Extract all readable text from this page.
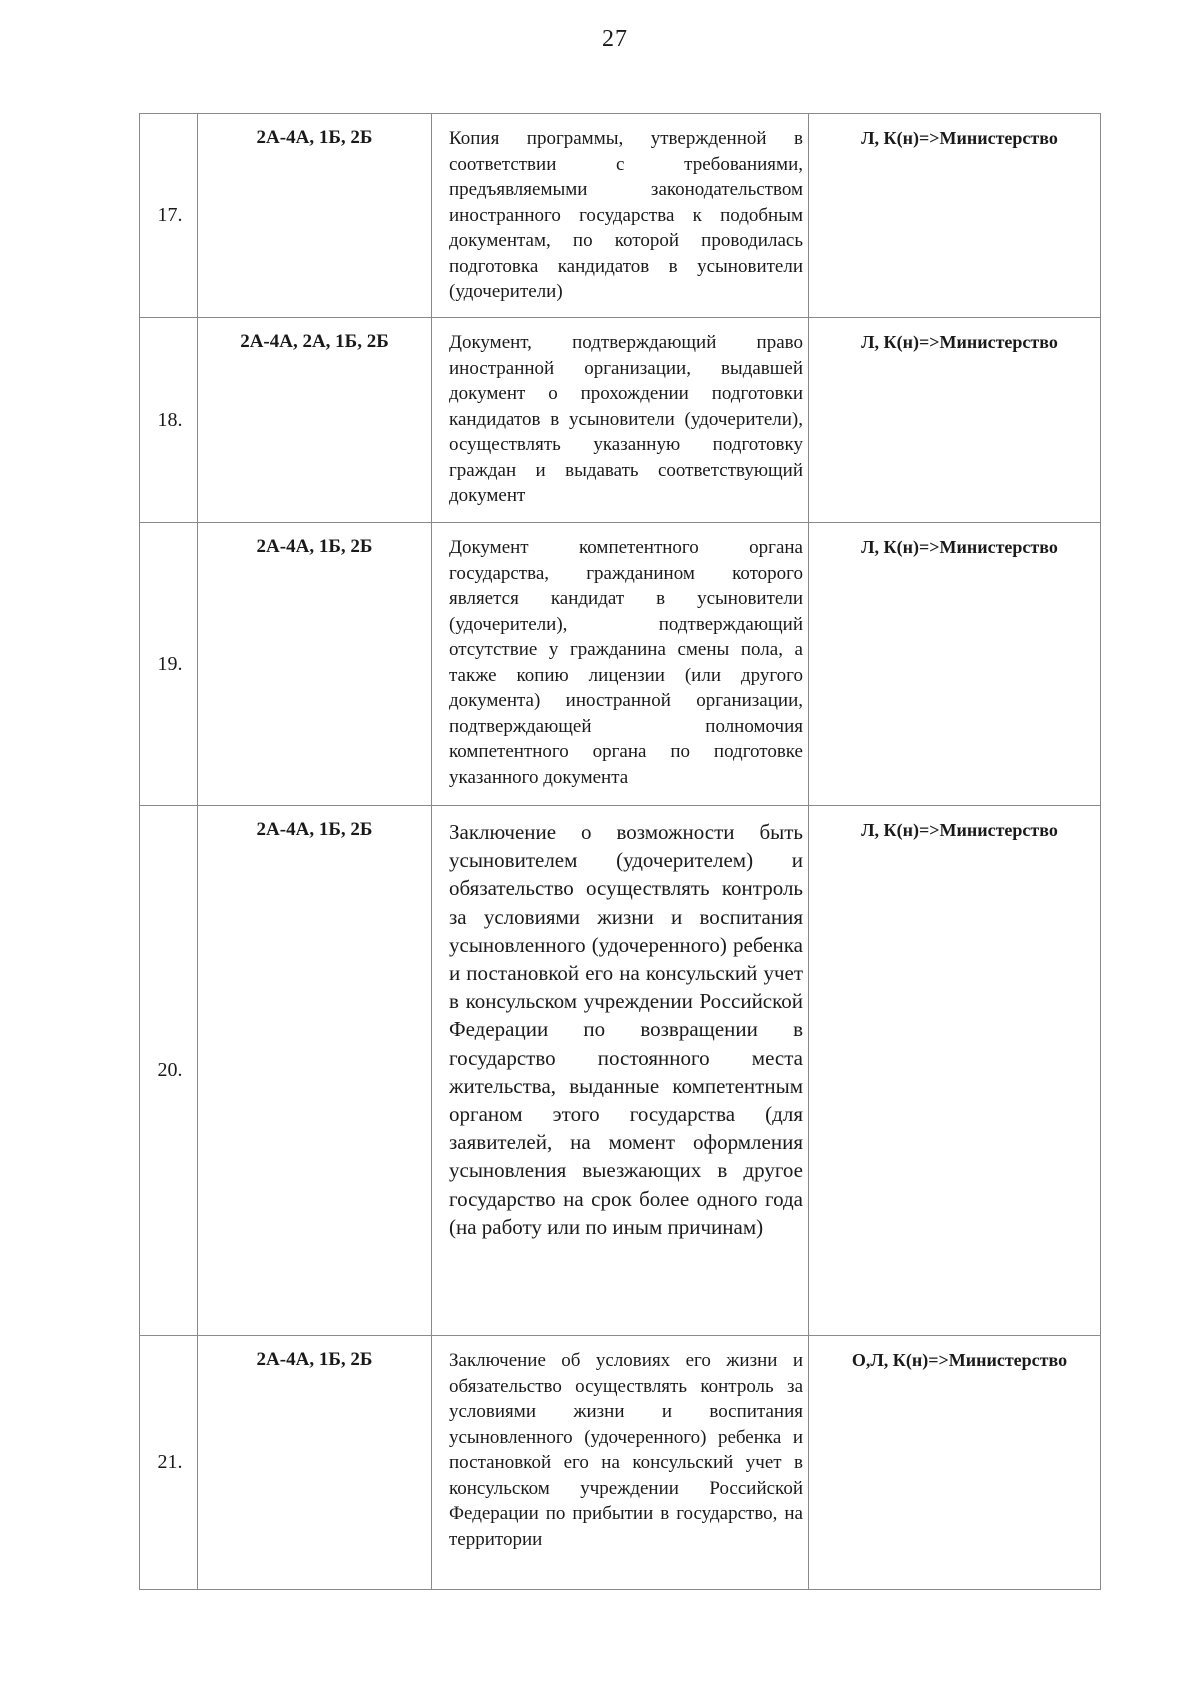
27
17.	2А-4А, 1Б, 2Б	Копия программы, утвержденной в соответствии с требованиями, предъявляемыми законодательством иностранного государства к подобным документам, по которой проводилась подготовка кандидатов в усыновители (удочерители)	Л, К(н)=>Министерство
18.	2А-4А, 2А, 1Б, 2Б	Документ, подтверждающий право иностранной организации, выдавшей документ о прохождении подготовки кандидатов в усыновители (удочерители), осуществлять указанную подготовку граждан и выдавать соответствующий документ	Л, К(н)=>Министерство
19.	2А-4А, 1Б, 2Б	Документ компетентного органа государства, гражданином которого является кандидат в усыновители (удочерители), подтверждающий отсутствие у гражданина смены пола, а также копию лицензии (или другого документа) иностранной организации, подтверждающей полномочия компетентного органа по подготовке указанного документа	Л, К(н)=>Министерство
20.	2А-4А, 1Б, 2Б	Заключение о возможности быть усыновителем (удочерителем) и обязательство осуществлять контроль за условиями жизни и воспитания усыновленного (удочеренного) ребенка и постановкой его на консульский учет в консульском учреждении Российской Федерации по возвращении в государство постоянного места жительства, выданные компетентным органом этого государства (для заявителей, на момент оформления усыновления выезжающих в другое государство на срок более одного года (на работу или по иным причинам)	Л, К(н)=>Министерство
21.	2А-4А, 1Б, 2Б	Заключение об условиях его жизни и обязательство осуществлять контроль за условиями жизни и воспитания усыновленного (удочеренного) ребенка и постановкой его на консульский учет в консульском учреждении Российской Федерации по прибытии в государство, на территории	О,Л, К(н)=>Министерство
